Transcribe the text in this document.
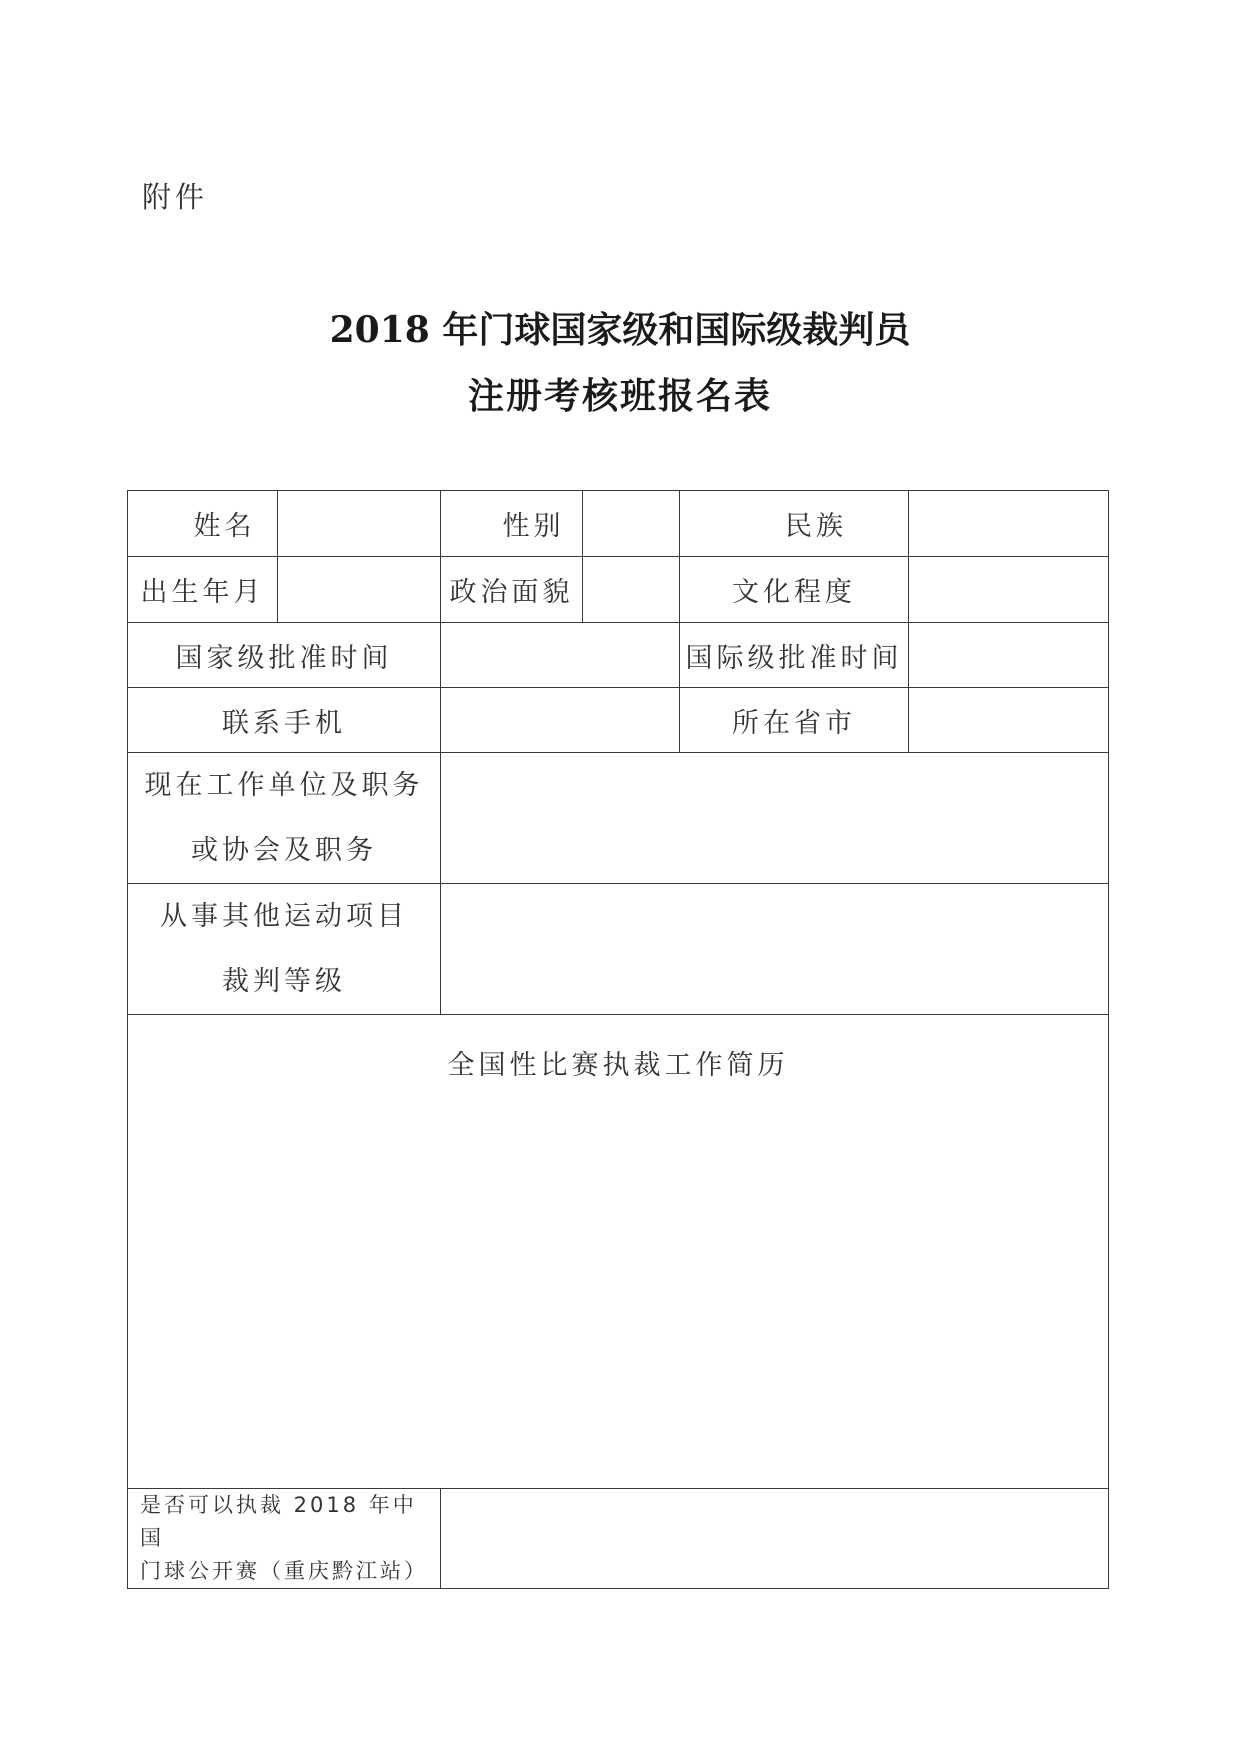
附件
2018 年门球国家级和国际级裁判员
注册考核班报名表
姓名		性别		民族	
出生年月		政治面貌		文化程度	
国家级批准时间				国际级批准时间	
联系手机				所在省市	

现在工作单位及职务
或协会及职务					

从事其他运动项目
裁判等级					

全国性比赛执裁工作简历					

是否可以执裁 2018 年中国
门球公开赛（重庆黔江站）					
